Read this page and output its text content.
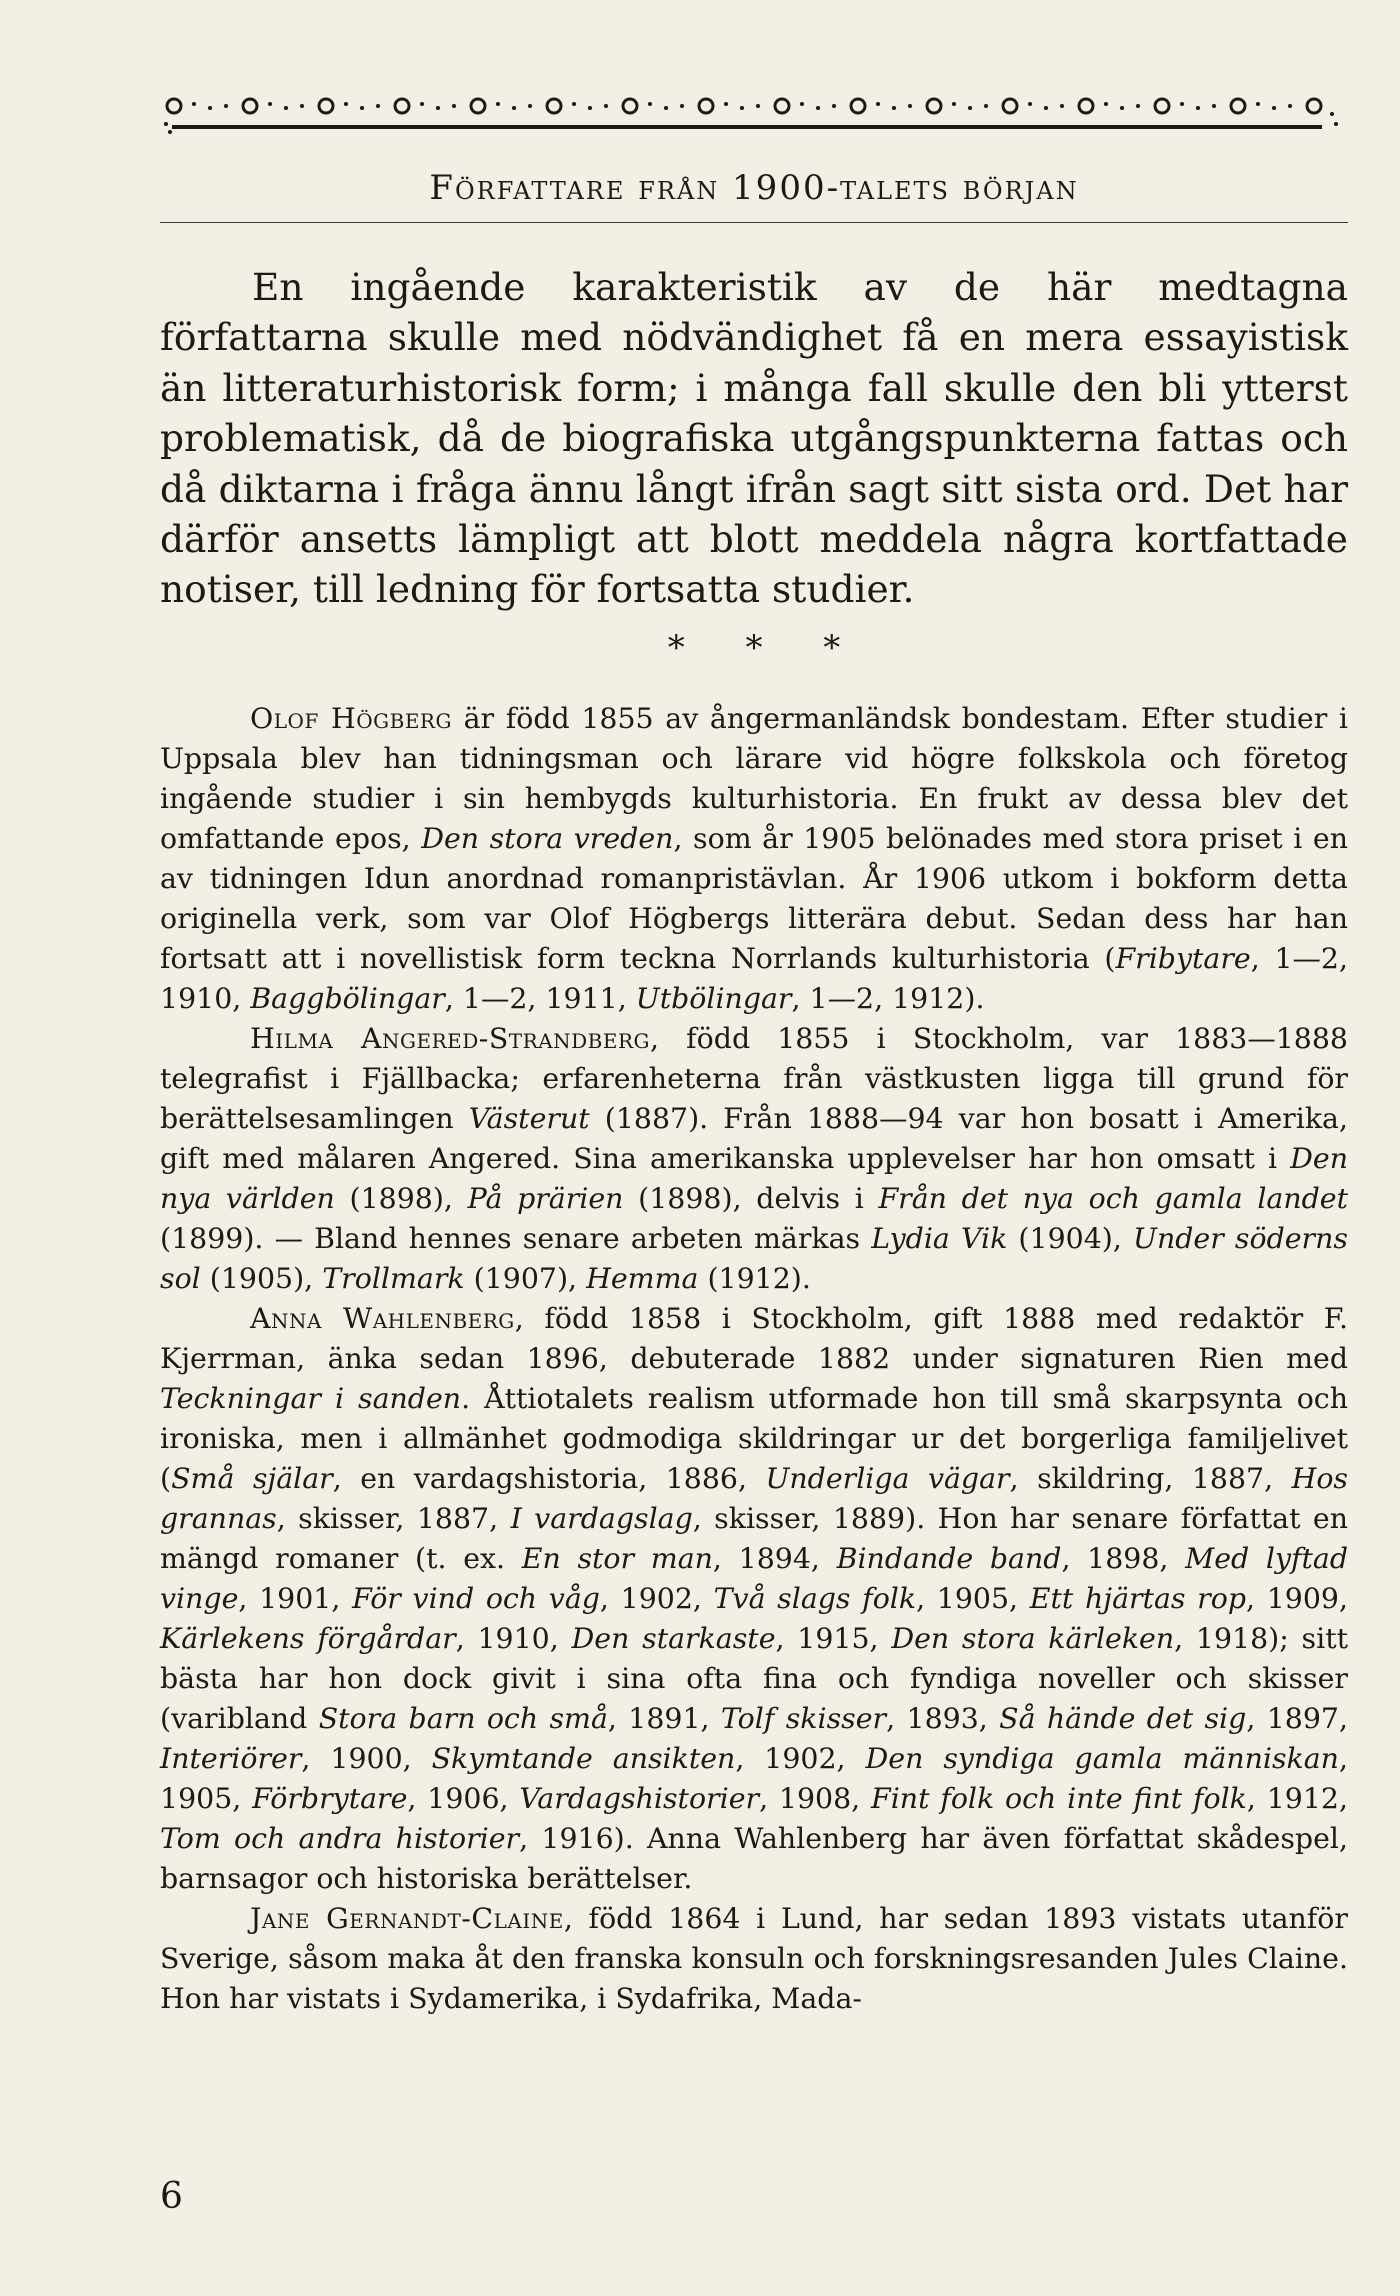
Författare från 1900-talets början

En ingående karakteristik av de här medtagna författarna skulle med nödvändighet få en mera essayistisk än litteraturhistorisk form; i många fall skulle den bli ytterst problematisk, då de biografiska utgångspunkterna fattas och då diktarna i fråga ännu långt ifrån sagt sitt sista ord. Det har därför ansetts lämpligt att blott meddela några kortfattade notiser, till ledning för fortsatta studier.

* * *

Olof Högberg är född 1855 av ångermanländsk bondestam. Efter studier i Uppsala blev han tidningsman och lärare vid högre folkskola och företog ingående studier i sin hembygds kulturhistoria. En frukt av dessa blev det omfattande epos, Den stora vreden, som år 1905 belönades med stora priset i en av tidningen Idun anordnad romanpristävlan. År 1906 utkom i bokform detta originella verk, som var Olof Högbergs litterära debut. Sedan dess har han fortsatt att i novellistisk form teckna Norrlands kulturhistoria (Fribytare, 1—2, 1910, Baggbölingar, 1—2, 1911, Utbölingar, 1—2, 1912).

Hilma Angered-Strandberg, född 1855 i Stockholm, var 1883—1888 telegrafist i Fjällbacka; erfarenheterna från västkusten ligga till grund för berättelsesamlingen Västerut (1887). Från 1888—94 var hon bosatt i Amerika, gift med målaren Angered. Sina amerikanska upplevelser har hon omsatt i Den nya världen (1898), På prärien (1898), delvis i Från det nya och gamla landet (1899). — Bland hennes senare arbeten märkas Lydia Vik (1904), Under söderns sol (1905), Trollmark (1907), Hemma (1912).

Anna Wahlenberg, född 1858 i Stockholm, gift 1888 med redaktör F. Kjerrman, änka sedan 1896, debuterade 1882 under signaturen Rien med Teckningar i sanden. Åttiotalets realism utformade hon till små skarpsynta och ironiska, men i allmänhet godmodiga skildringar ur det borgerliga familjelivet (Små själar, en vardagshistoria, 1886, Underliga vägar, skildring, 1887, Hos grannas, skisser, 1887, I vardagslag, skisser, 1889). Hon har senare författat en mängd romaner (t. ex. En stor man, 1894, Bindande band, 1898, Med lyftad vinge, 1901, För vind och våg, 1902, Två slags folk, 1905, Ett hjärtas rop, 1909, Kärlekens förgårdar, 1910, Den starkaste, 1915, Den stora kärleken, 1918); sitt bästa har hon dock givit i sina ofta fina och fyndiga noveller och skisser (varibland Stora barn och små, 1891, Tolf skisser, 1893, Så hände det sig, 1897, Interiörer, 1900, Skymtande ansikten, 1902, Den syndiga gamla människan, 1905, Förbrytare, 1906, Vardagshistorier, 1908, Fint folk och inte fint folk, 1912, Tom och andra historier, 1916). Anna Wahlenberg har även författat skådespel, barnsagor och historiska berättelser.

Jane Gernandt-Claine, född 1864 i Lund, har sedan 1893 vistats utanför Sverige, såsom maka åt den franska konsuln och forskningsresanden Jules Claine. Hon har vistats i Sydamerika, i Sydafrika, Mada-

6
